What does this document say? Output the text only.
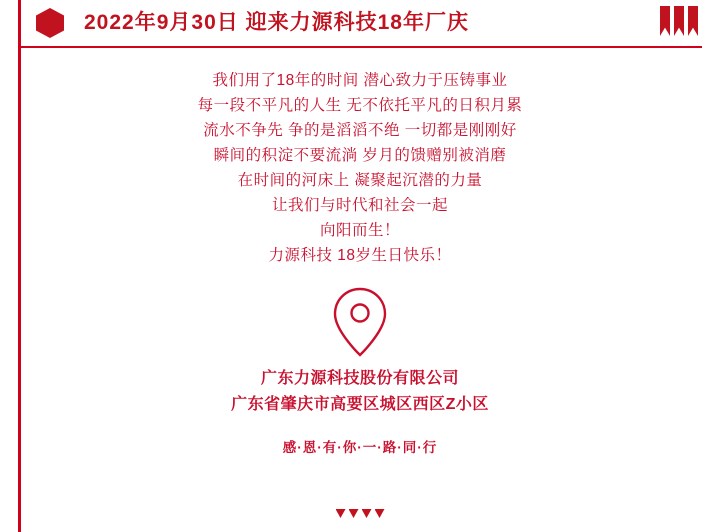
2022年9月30日 迎来力源科技18年厂庆
我们用了18年的时间 潜心致力于压铸事业
每一段不平凡的人生 无不依托平凡的日积月累
流水不争先 争的是滔滔不绝 一切都是刚刚好
瞬间的积淀不要流淌 岁月的馈赠别被消磨
在时间的河床上 凝聚起沉潜的力量
让我们与时代和社会一起
向阳而生！
力源科技 18岁生日快乐！
广东力源科技股份有限公司
广东省肇庆市高要区城区西区Z小区
感·恩·有·你·一·路·同·行
